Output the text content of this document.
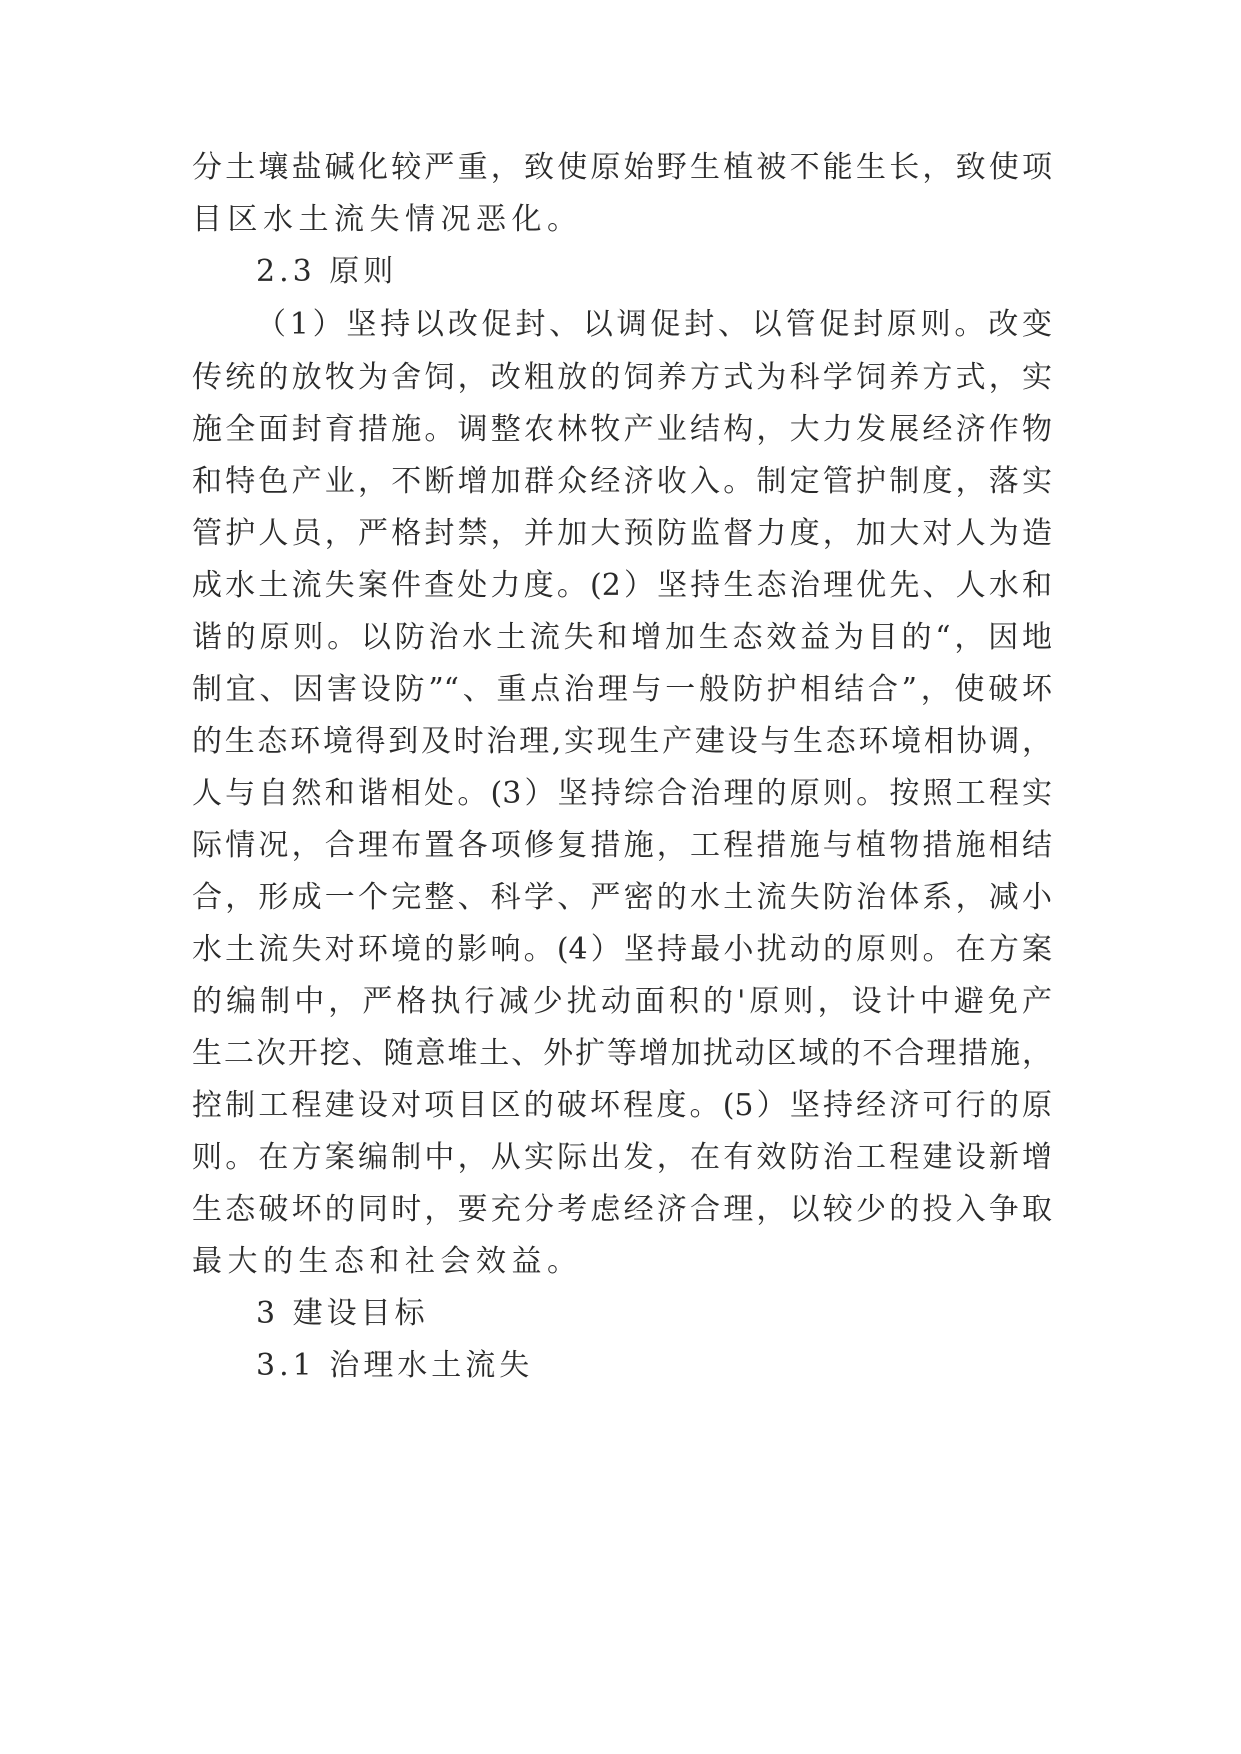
分土壤盐碱化较严重，致使原始野生植被不能生长，致使项
目区水土流失情况恶化。
2.3 原则
（1）坚持以改促封、以调促封、以管促封原则。改变
传统的放牧为舍饲，改粗放的饲养方式为科学饲养方式，实
施全面封育措施。调整农林牧产业结构，大力发展经济作物
和特色产业，不断增加群众经济收入。制定管护制度，落实
管护人员，严格封禁，并加大预防监督力度，加大对人为造
成水土流失案件查处力度。(2）坚持生态治理优先、人水和
谐的原则。以防治水土流失和增加生态效益为目的“，因地
制宜、因害设防”“、重点治理与一般防护相结合”，使破坏
的生态环境得到及时治理,实现生产建设与生态环境相协调，
人与自然和谐相处。(3）坚持综合治理的原则。按照工程实
际情况，合理布置各项修复措施，工程措施与植物措施相结
合，形成一个完整、科学、严密的水土流失防治体系，减小
水土流失对环境的影响。(4）坚持最小扰动的原则。在方案
的编制中，严格执行减少扰动面积的'原则，设计中避免产
生二次开挖、随意堆土、外扩等增加扰动区域的不合理措施，
控制工程建设对项目区的破坏程度。(5）坚持经济可行的原
则。在方案编制中，从实际出发，在有效防治工程建设新增
生态破坏的同时，要充分考虑经济合理，以较少的投入争取
最大的生态和社会效益。
3 建设目标
3.1 治理水土流失
